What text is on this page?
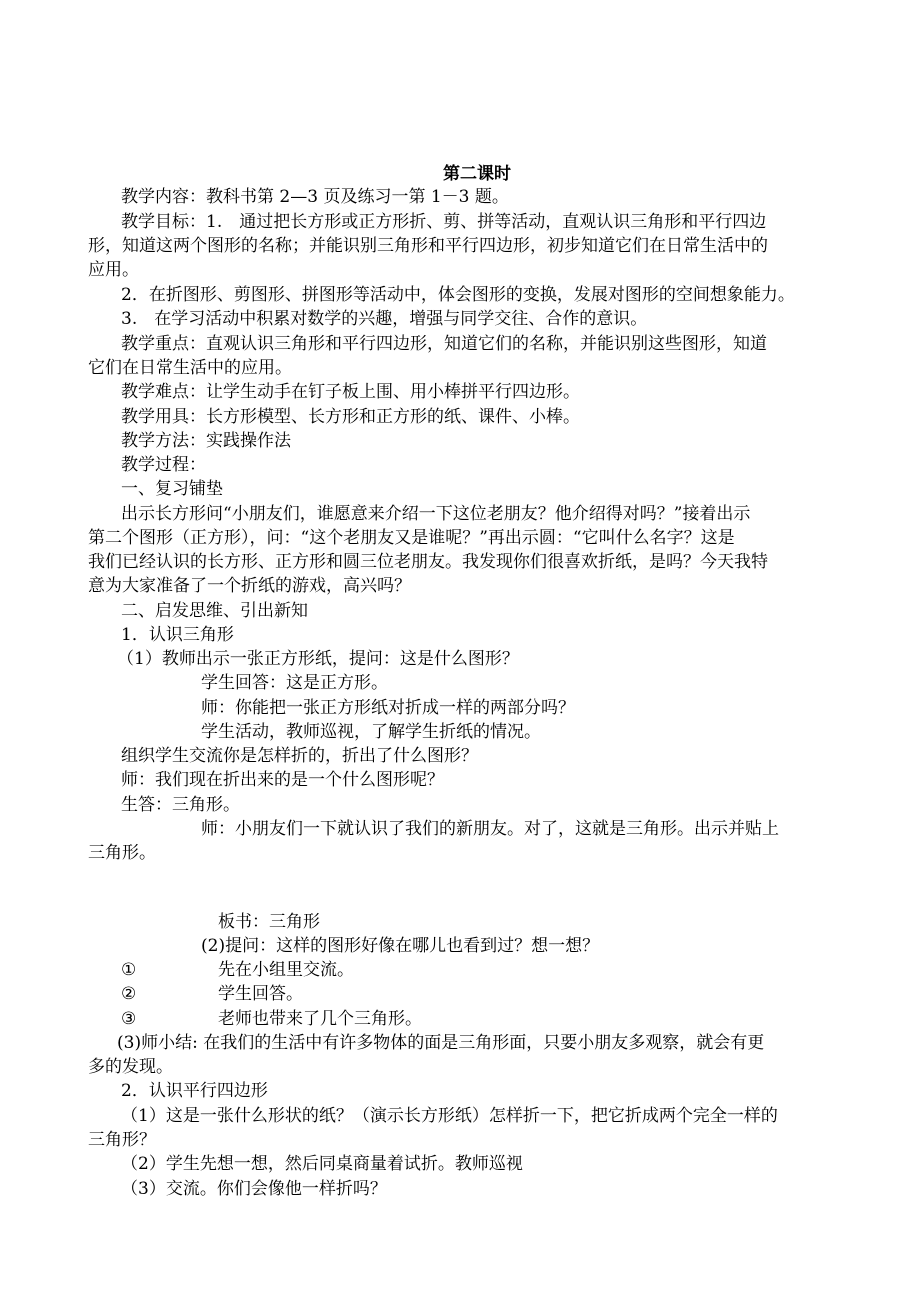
第二课时
教学内容：教科书第 2—3 页及练习一第 1－3 题。
教学目标：1.　通过把长方形或正方形折、剪、拼等活动，直观认识三角形和平行四边
形，知道这两个图形的名称；并能识别三角形和平行四边形，初步知道它们在日常生活中的
应用。
2．在折图形、剪图形、拼图形等活动中，体会图形的变换，发展对图形的空间想象能力。
3.　在学习活动中积累对数学的兴趣，增强与同学交往、合作的意识。
教学重点：直观认识三角形和平行四边形，知道它们的名称，并能识别这些图形，知道
它们在日常生活中的应用。
教学难点：让学生动手在钉子板上围、用小棒拼平行四边形。
教学用具：长方形模型、长方形和正方形的纸、课件、小棒。
教学方法：实践操作法
教学过程：
一、复习铺垫
出示长方形问“小朋友们，谁愿意来介绍一下这位老朋友？他介绍得对吗？”接着出示
第二个图形（正方形），问：“这个老朋友又是谁呢？”再出示圆：“它叫什么名字？这是
我们已经认识的长方形、正方形和圆三位老朋友。我发现你们很喜欢折纸，是吗？今天我特
意为大家准备了一个折纸的游戏，高兴吗？
二、启发思维、引出新知
1．认识三角形
（1）教师出示一张正方形纸，提问：这是什么图形？
学生回答：这是正方形。
师：你能把一张正方形纸对折成一样的两部分吗？
学生活动，教师巡视，了解学生折纸的情况。
组织学生交流你是怎样折的，折出了什么图形？
师：我们现在折出来的是一个什么图形呢？
生答：三角形。
师：小朋友们一下就认识了我们的新朋友。对了，这就是三角形。出示并贴上
三角形。
板书：三角形
(2)提问：这样的图形好像在哪儿也看到过？想一想？
①	先在小组里交流。
②	学生回答。
③	老师也带来了几个三角形。
(3)师小结: 在我们的生活中有许多物体的面是三角形面，只要小朋友多观察，就会有更
多的发现。
2．认识平行四边形
（1）这是一张什么形状的纸？（演示长方形纸）怎样折一下，把它折成两个完全一样的
三角形？
（2）学生先想一想，然后同桌商量着试折。教师巡视
（3）交流。你们会像他一样折吗？
